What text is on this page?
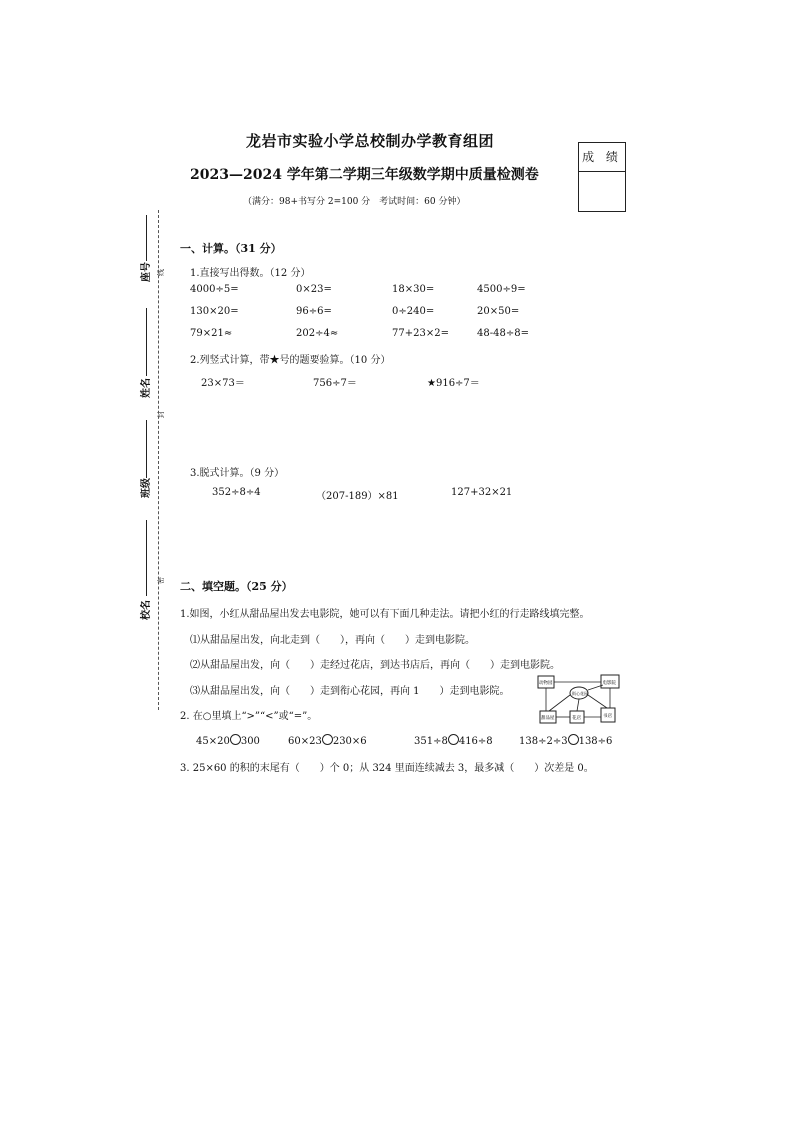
龙岩市实验小学总校制办学教育组团
2023—2024 学年第二学期三年级数学期中质量检测卷
（满分：98+书写分 2=100 分　考试时间：60 分钟）
成 绩
座号 线
姓名
封
班级
校名
密
一、计算。（31 分）
1.直接写出得数。（12 分）
4000÷5=	0×23=	18×30=	4500÷9=
130×20=	96÷6=	0÷240=	20×50=
79×21≈	202÷4≈	77+23×2=	48-48÷8=
2.列竖式计算，带★号的题要验算。（10 分）
23×73＝	756÷7＝	★916÷7＝
3.脱式计算。（9 分）
352÷8÷4	（207-189）×81	127+32×21
二、填空题。（25 分）
1.如图，小红从甜品屋出发去电影院，她可以有下面几种走法。请把小红的行走路线填完整。
⑴从甜品屋出发，向北走到（　　），再向（　　）走到电影院。
⑵从甜品屋出发，向（　　）走经过花店，到达书店后，再向（　　）走到电影院。
⑶从甜品屋出发，向（　　）走到衔心花园，再向 1　　）走到电影院。
电影院
街心花园
甜品屋	花店	书店
动物园
2. 在○里填上“>”“<”或“=”。
45×20 300	60×23 230×6	351÷8 416÷8	138÷2÷3 138÷6
3. 25×60 的积的末尾有（　　）个 0；从 324 里面连续减去 3，最多减（　　）次差是 0。
